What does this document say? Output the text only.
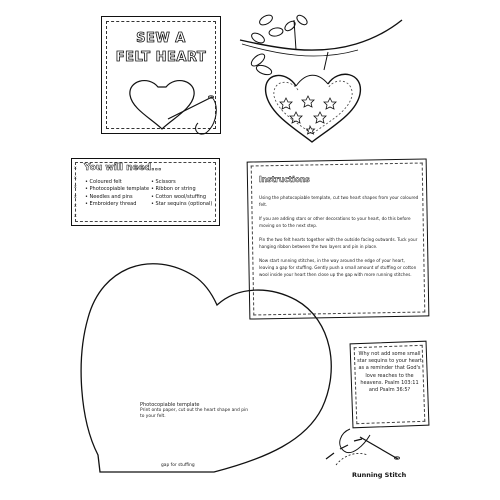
SEW A
FELT HEART
You will need...
x
x
x
x
x
x
• Coloured felt
• Photocopiable template
• Needles and pins
• Embroidery thread
• Scissors
• Ribbon or string
• Cotton wool/stuffing
• Star sequins (optional)
Instructions

Using the photocopiable template, cut two heart shapes from your coloured felt.

If you are adding stars or other decorations to your heart, do this before moving on to the next step.

Pin the two felt hearts together with the outside facing outwards. Tuck your hanging ribbon between the two layers and pin in place.

Now start running stitches, in the way around the edge of your heart, leaving a gap for stuffing. Gently push a small amount of stuffing or cotton wool inside your heart then close up the gap with more running stitches.

Photocopiable template
Print onto paper, cut out the heart shape and pin to your felt.
gap for stuffing
Why not add some small star sequins to your heart as a reminder that God's love reaches to the heavens. Psalm 103:11 and Psalm 36:5?
Running Stitch
